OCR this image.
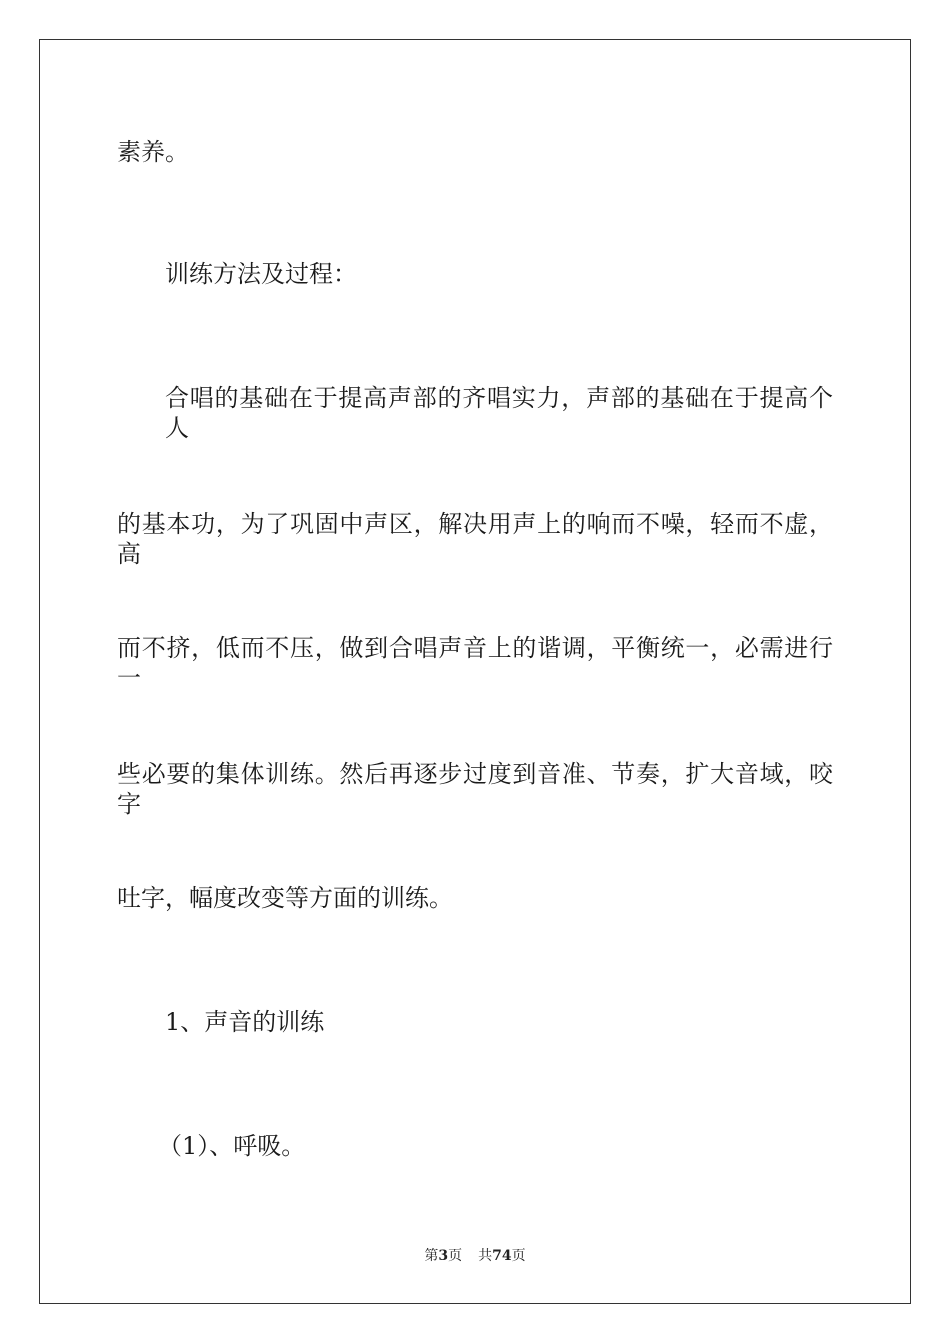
素养。
训练方法及过程：
合唱的基础在于提高声部的齐唱实力，声部的基础在于提高个人
的基本功，为了巩固中声区，解决用声上的响而不噪，轻而不虚，高
而不挤，低而不压，做到合唱声音上的谐调，平衡统一，必需进行一
些必要的集体训练。然后再逐步过度到音准、节奏，扩大音域，咬字
吐字，幅度改变等方面的训练。
1、声音的训练
（1）、呼吸。
第3页 共74页
